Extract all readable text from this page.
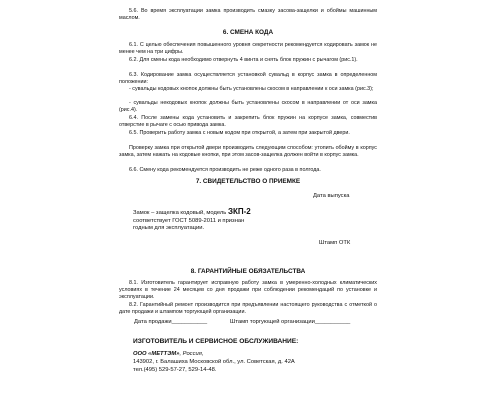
5.6. Во время эксплуатации замка производить смазку засова-защелки и обоймы машинным маслом.

6. СМЕНА КОДА

6.1. С целью обеспечения повышенного уровня секретности рекомендуется кодировать замок не менее чем на три цифры.

6.2. Для смены кода необходимо отвернуть 4 винта и снять блок пружин с рычагом (рис.1).

6.3. Кодирование замка осуществляется установкой сувальд в корпус замка в определенном положении:

- сувальды кодовых кнопок должны быть установлены скосом в направлении к оси замка (рис.3);

- сувальды некодовых кнопок должны быть установлены скосом в направлении от оси замка (рис.4).

6.4. После замены кода установить и закрепить блок пружин на корпусе замка, совместив отверстие в рычаге с осью привода замка.

6.5. Проверить работу замка с новым кодом при открытой, а затем при закрытой двери.

Проверку замка при открытой двери производить следующим способом: утопить обойму в корпус замка, затем нажать на кодовые кнопки, при этом засов-защелка должен войти в корпус замка.

6.6. Смену кода рекомендуется производить не реже одного раза в полгода.

7. СВИДЕТЕЛЬСТВО О ПРИЕМКЕ

Дата выпуска

Замок – защелка кодовый, модель ЗКП-2

соответствует ГОСТ 5089-2011 и признан

годным для эксплуатации.

Штамп ОТК

8. ГАРАНТИЙНЫЕ ОБЯЗАТЕЛЬСТВА

8.1. Изготовитель гарантирует исправную работу замка в умеренно-холодных климатических условиях в течение 24 месяцев со дня продажи при соблюдении рекомендаций по установке и эксплуатации.

8.2. Гарантийный ремонт производится при предъявлении настоящего руководства с отметкой о дате продажи и штампом торгующей организации.

Дата продажи___________	Штамп торгующей организации___________

ИЗГОТОВИТЕЛЬ И СЕРВИСНОЕ ОБСЛУЖИВАНИЕ:

ООО «МЕТТЭМ», Россия,

143902, г. Балашиха Московской обл., ул. Советская, д. 42А

тел.(495) 529-57-27, 529-14-48.
